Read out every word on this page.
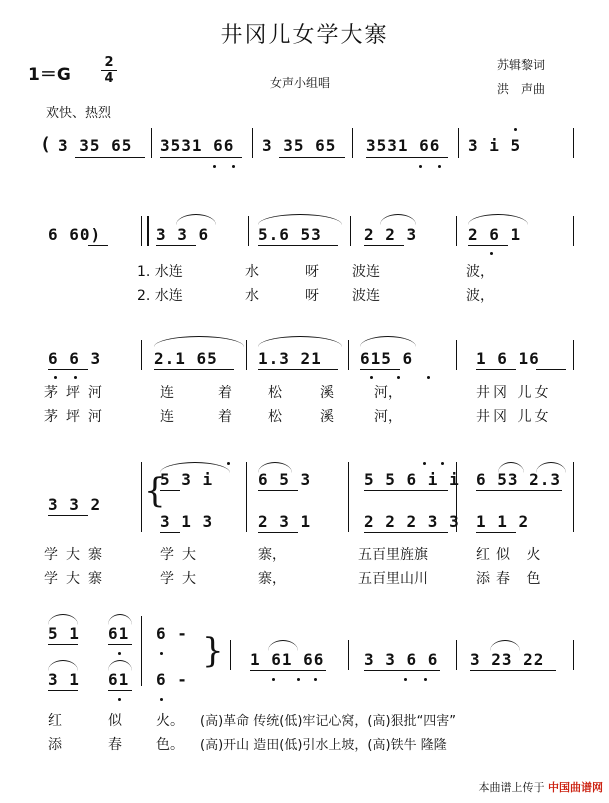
井冈儿女学大寨
1＝G
2
4	女声小组唱
苏辑黎词
洪　声曲
欢快、热烈
( 3 35 65 3531 66 3 35 65 3531 66 3 i 5
6 60)	3 3 6	5.6 53	2 2 3	2 6 1
1. 水连	水	呀 波连	波，
2. 水连	水	呀 波连	波，
6 6 3	2.1 65	1.3 21 615 6	1 6 16
茅坪河	连	着	松	溪	河，	井冈 儿女
茅坪河	连	着	松	溪	河，	井冈 儿女
3 3 2 {
5 3 i
3 1 3
6 5 3
2 3 1
5 5 6 i i
2 2 2 3 3
6 53 2.3
1 1 2
学大寨	学大	寨，	五百里旌旗	红似 火
学大寨	学大	寨，	五百里山川	添春 色
5 1 61 6 -
3 1 61 6 -
} 1 61 66 3 3 6 6 3 23 22
红	似 火。 (高)革命 传统(低)牢记心窝，(高)狠批“四害”
添	春 色。 (高)开山 造田(低)引水上坡，(高)铁牛 隆隆
本曲谱上传于 中国曲谱网
